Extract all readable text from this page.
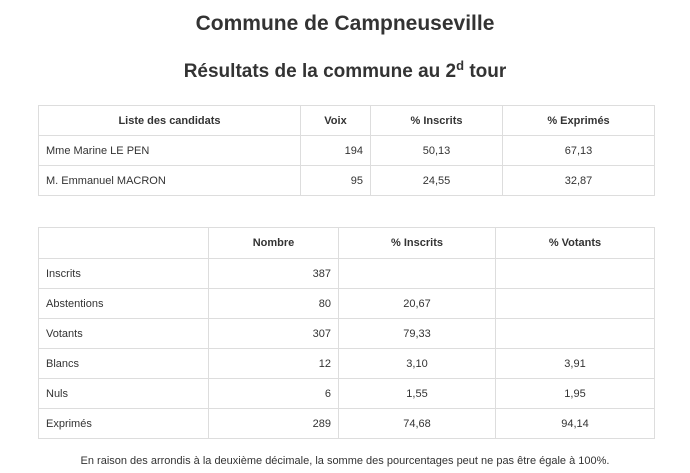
Commune de Campneuseville
Résultats de la commune au 2$^d$ tour
Liste des candidats	Voix	% Inscrits	% Exprimés
Mme Marine LE PEN	194	50,13	67,13
M. Emmanuel MACRON	95	24,55	32,87
	Nombre	% Inscrits	% Votants
Inscrits	387		
Abstentions	80	20,67	
Votants	307	79,33	
Blancs	12	3,10	3,91
Nuls	6	1,55	1,95
Exprimés	289	74,68	94,14

En raison des arrondis à la deuxième décimale, la somme des pourcentages peut ne pas être égale à 100%.
